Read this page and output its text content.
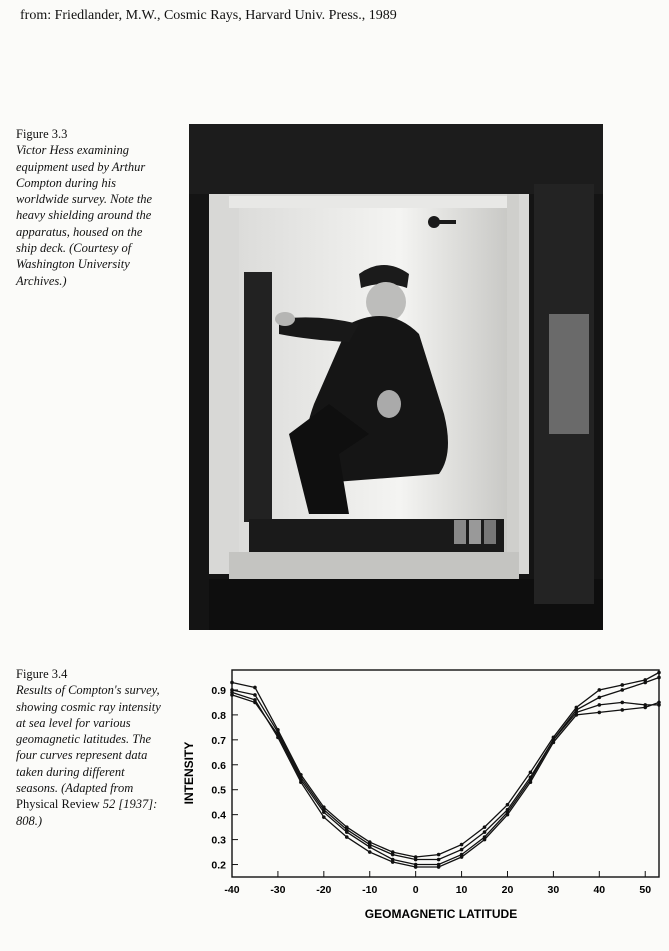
from: Friedlander, M.W., Cosmic Rays, Harvard Univ. Press., 1989
Figure 3.3
Victor Hess examining equipment used by Arthur Compton during his worldwide survey. Note the heavy shielding around the apparatus, housed on the ship deck. (Courtesy of Washington University Archives.)
Figure 3.4
Results of Compton's survey, showing cosmic ray intensity at sea level for various geomagnetic latitudes. The four curves represent data taken during different seasons. (Adapted from Physical Review 52 [1937]: 808.)
INTENSITY
GEOMAGNETIC LATITUDE
0.2
0.3
0.4
0.5
0.6
0.7
0.8
0.9
-40	-30	-20	-10	0	10	20	30	40	50
